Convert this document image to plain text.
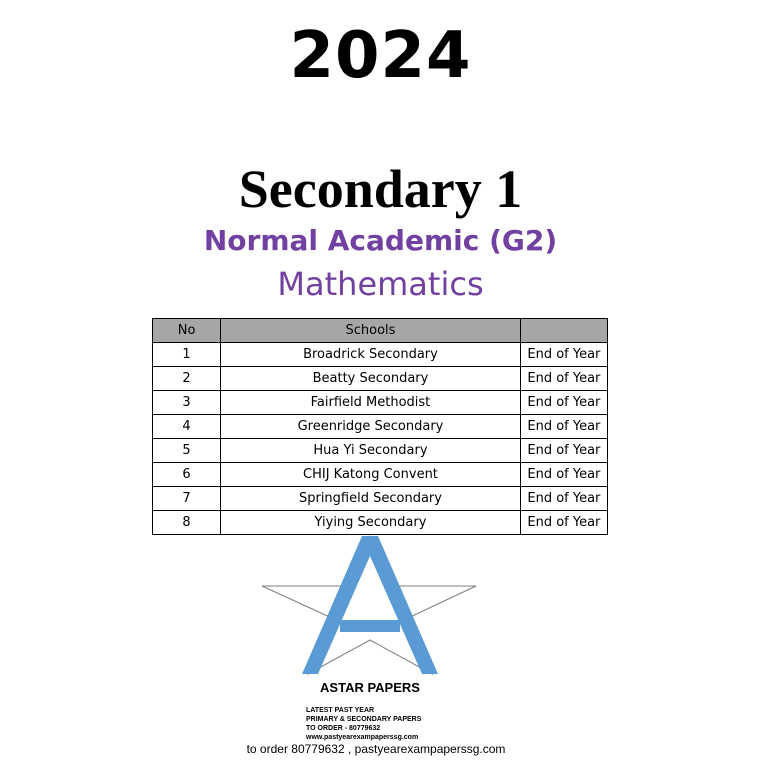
2024
Secondary 1
Normal Academic (G2)
Mathematics
No	Schools	
1	Broadrick Secondary	End of Year
2	Beatty Secondary	End of Year
3	Fairfield Methodist	End of Year
4	Greenridge Secondary	End of Year
5	Hua Yi Secondary	End of Year
6	CHIJ Katong Convent	End of Year
7	Springfield Secondary	End of Year
8	Yiying Secondary	End of Year
ASTAR PAPERS
LATEST PAST YEAR
PRIMARY & SECONDARY PAPERS
TO ORDER - 80779632
www.pastyearexampaperssg.com
to order 80779632 , pastyearexampaperssg.com
